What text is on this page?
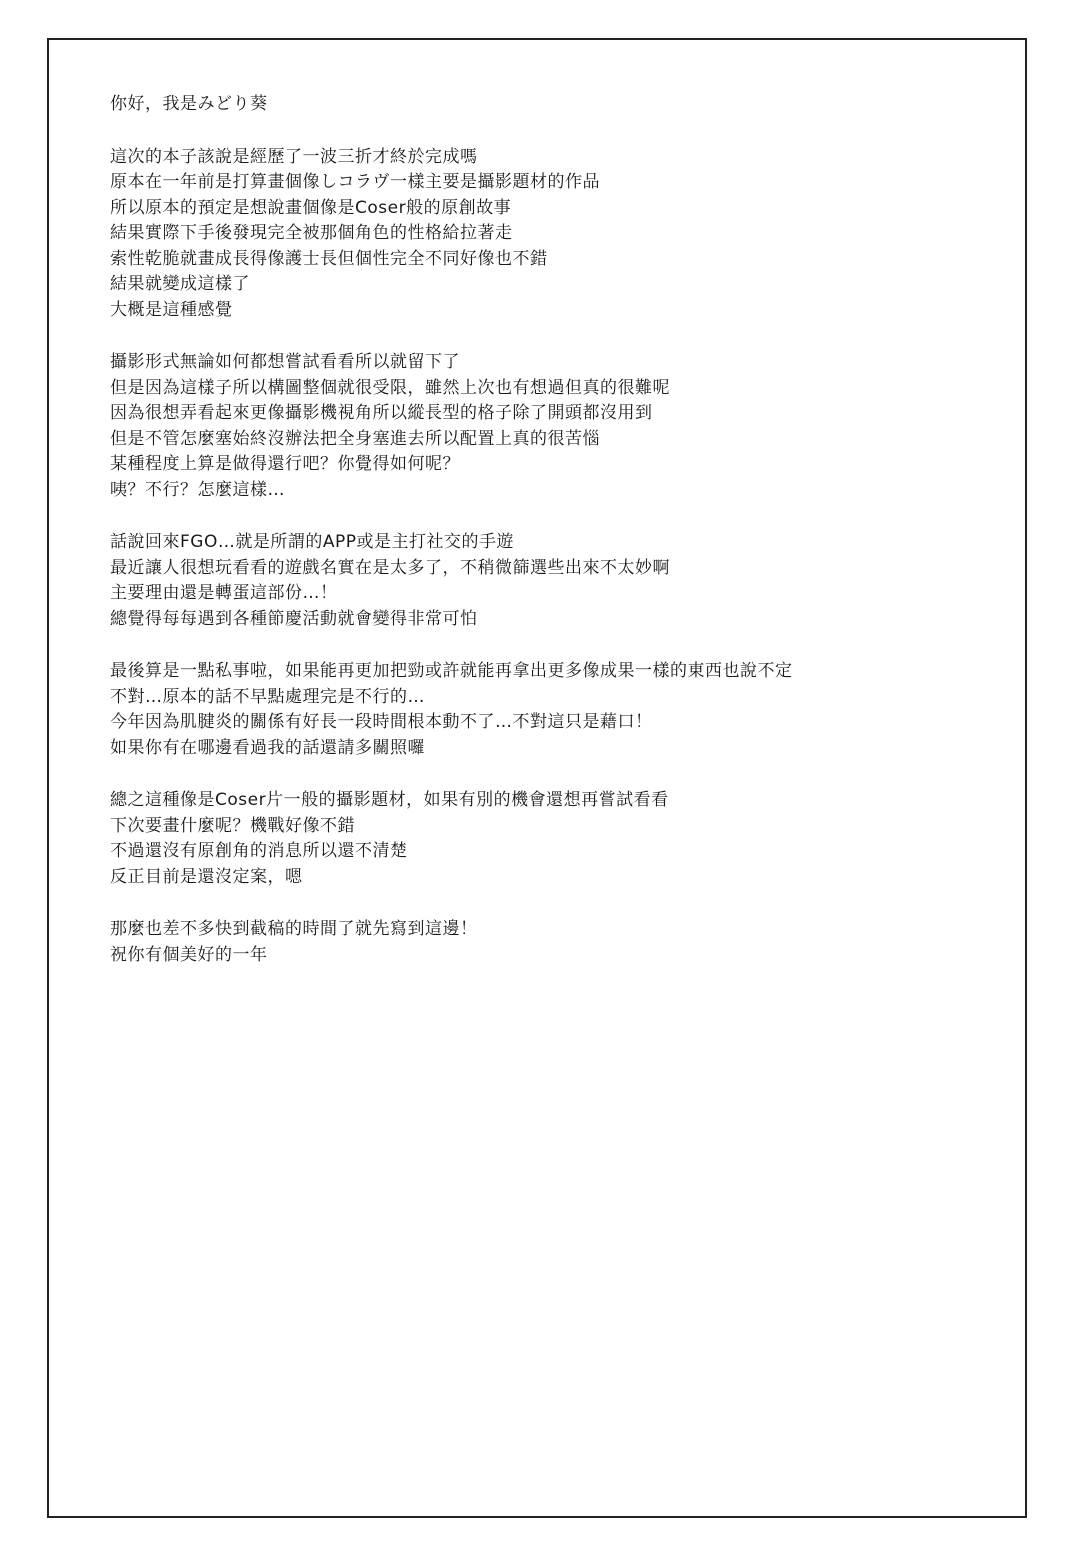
你好，我是みどり葵
這次的本子該說是經歷了一波三折才終於完成嗎
原本在一年前是打算畫個像しコラヴ一樣主要是攝影題材的作品
所以原本的預定是想說畫個像是Coser般的原創故事
結果實際下手後發現完全被那個角色的性格給拉著走
索性乾脆就畫成長得像護士長但個性完全不同好像也不錯
結果就變成這樣了
大概是這種感覺
攝影形式無論如何都想嘗試看看所以就留下了
但是因為這樣子所以構圖整個就很受限，雖然上次也有想過但真的很難呢
因為很想弄看起來更像攝影機視角所以縱長型的格子除了開頭都沒用到
但是不管怎麼塞始終沒辦法把全身塞進去所以配置上真的很苦惱
某種程度上算是做得還行吧？你覺得如何呢？
咦？不行？怎麼這樣…
話說回來FGO…就是所謂的APP或是主打社交的手遊
最近讓人很想玩看看的遊戲名實在是太多了，不稍微篩選些出來不太妙啊
主要理由還是轉蛋這部份…！
總覺得每每遇到各種節慶活動就會變得非常可怕
最後算是一點私事啦，如果能再更加把勁或許就能再拿出更多像成果一樣的東西也說不定
不對…原本的話不早點處理完是不行的…
今年因為肌腱炎的關係有好長一段時間根本動不了…不對這只是藉口！
如果你有在哪邊看過我的話還請多關照囉
總之這種像是Coser片一般的攝影題材，如果有別的機會還想再嘗試看看
下次要畫什麼呢？機戰好像不錯
不過還沒有原創角的消息所以還不清楚
反正目前是還沒定案，嗯
那麼也差不多快到截稿的時間了就先寫到這邊！
祝你有個美好的一年
